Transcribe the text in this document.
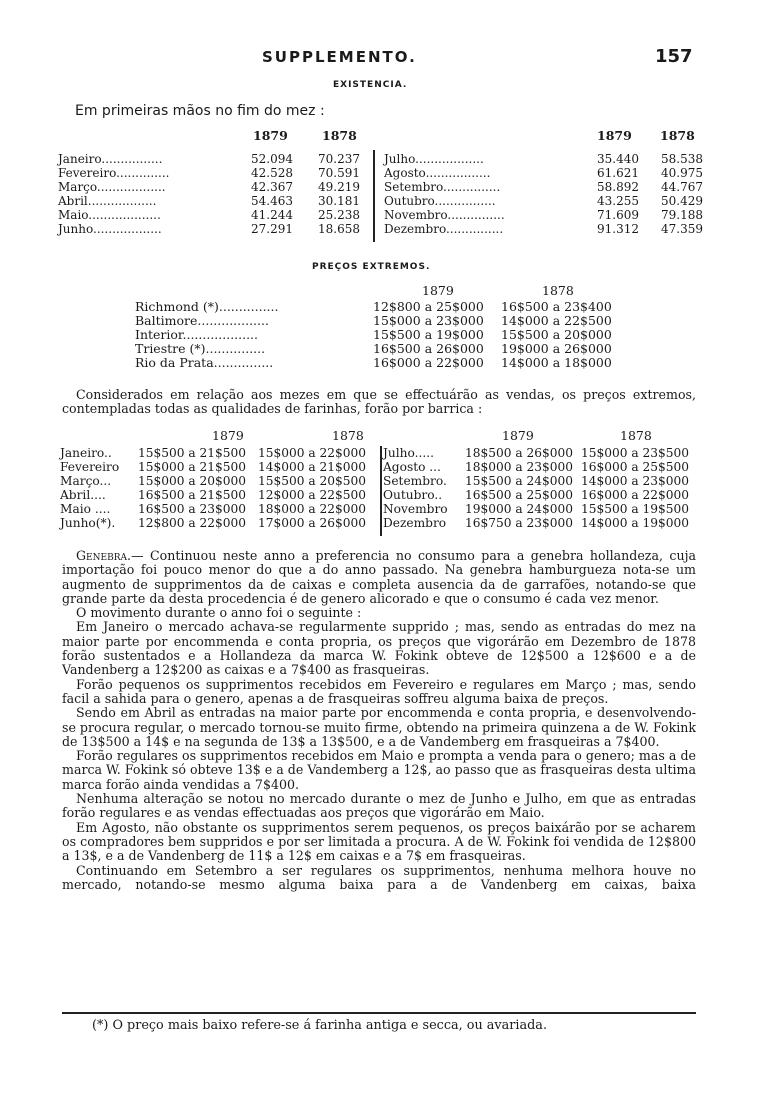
SUPPLEMENTO.	157
EXISTENCIA.
Em primeiras mãos no fim do mez :
1879	1878	1879 1878
Janeiro................	52.094 70.237
Fevereiro..............	42.528 70.591
Março..................	42.367 49.219
Abril..................	54.463 30.181
Maio...................	41.244 25.238
Junho..................	27.291 18.658
Julho..................	35.440 58.538
Agosto.................	61.621 40.975
Setembro...............	58.892 44.767
Outubro................	43.255 50.429
Novembro...............	71.609 79.188
Dezembro...............	91.312 47.359
PREÇOS EXTREMOS.
1879	1878
Richmond (*)...............	12$800 a 25$000 16$500 a 23$400
Baltimore..................	15$000 a 23$000 14$000 a 22$500
Interior...................	15$500 a 19$000 15$500 a 20$000
Triestre (*)...............	16$500 a 26$000 19$000 a 26$000
Rio da Prata...............	16$000 a 22$000 14$000 a 18$000

Considerados em relação aos mezes em que se effectuárão as vendas, os preços extremos, contempladas todas as qualidades de farinhas, forão por barrica :

1879	1878	1879	1878
Janeiro.. 15$500 a 21$500 15$000 a 22$000
Fevereiro 15$000 a 21$500 14$000 a 21$000
Março... 15$000 a 20$000 15$500 a 20$500
Abril....	16$500 a 21$500 12$000 a 22$500
Maio .... 16$500 a 23$000 18$000 a 22$000
Junho(*). 12$800 a 22$000 17$000 a 26$000
Julho.....	18$500 a 26$000 15$000 a 23$500
Agosto ... 18$000 a 23$000 16$000 a 25$500
Setembro. 15$500 a 24$000 14$000 a 23$000
Outubro.. 16$500 a 25$000 16$000 a 22$000
Novembro 19$000 a 24$000 15$500 a 19$500
Dezembro 16$750 a 23$000 14$000 a 19$000

Genebra.— Continuou neste anno a preferencia no consumo para a genebra hollandeza, cuja importação foi pouco menor do que a do anno passado. Na genebra hamburgueza nota-se um augmento de supprimentos da de caixas e completa ausencia da de garrafões, notando-se que grande parte da desta procedencia é de genero alicorado e que o consumo é cada vez menor.

O movimento durante o anno foi o seguinte :

Em Janeiro o mercado achava-se regularmente supprido ; mas, sendo as entradas do mez na maior parte por encommenda e conta propria, os preços que vigorárão em Dezembro de 1878 forão sustentados e a Hollandeza da marca W. Fokink obteve de 12$500 a 12$600 e a de Vandenberg a 12$200 as caixas e a 7$400 as frasqueiras.

Forão pequenos os supprimentos recebidos em Fevereiro e regulares em Março ; mas, sendo facil a sahida para o genero, apenas a de frasqueiras soffreu alguma baixa de preços.

Sendo em Abril as entradas na maior parte por encommenda e conta propria, e desenvolvendo-se procura regular, o mercado tornou-se muito firme, obtendo na primeira quinzena a de W. Fokink de 13$500 a 14$ e na segunda de 13$ a 13$500, e a de Vandemberg em frasqueiras a 7$400.

Forão regulares os supprimentos recebidos em Maio e prompta a venda para o genero; mas a de marca W. Fokink só obteve 13$ e a de Vandemberg a 12$, ao passo que as frasqueiras desta ultima marca forão ainda vendidas a 7$400.

Nenhuma alteração se notou no mercado durante o mez de Junho e Julho, em que as entradas forão regulares e as vendas effectuadas aos preços que vigorárão em Maio.

Em Agosto, não obstante os supprimentos serem pequenos, os preços baixárão por se acharem os compradores bem suppridos e por ser limitada a procura. A de W. Fokink foi vendida de 12$800 a 13$, e a de Vandenberg de 11$ a 12$ em caixas e a 7$ em frasqueiras.

Continuando em Setembro a ser regulares os supprimentos, nenhuma melhora houve no mercado, notando-se mesmo alguma baixa para a de Vandenberg em caixas, baixa

(*) O preço mais baixo refere-se á farinha antiga e secca, ou avariada.
